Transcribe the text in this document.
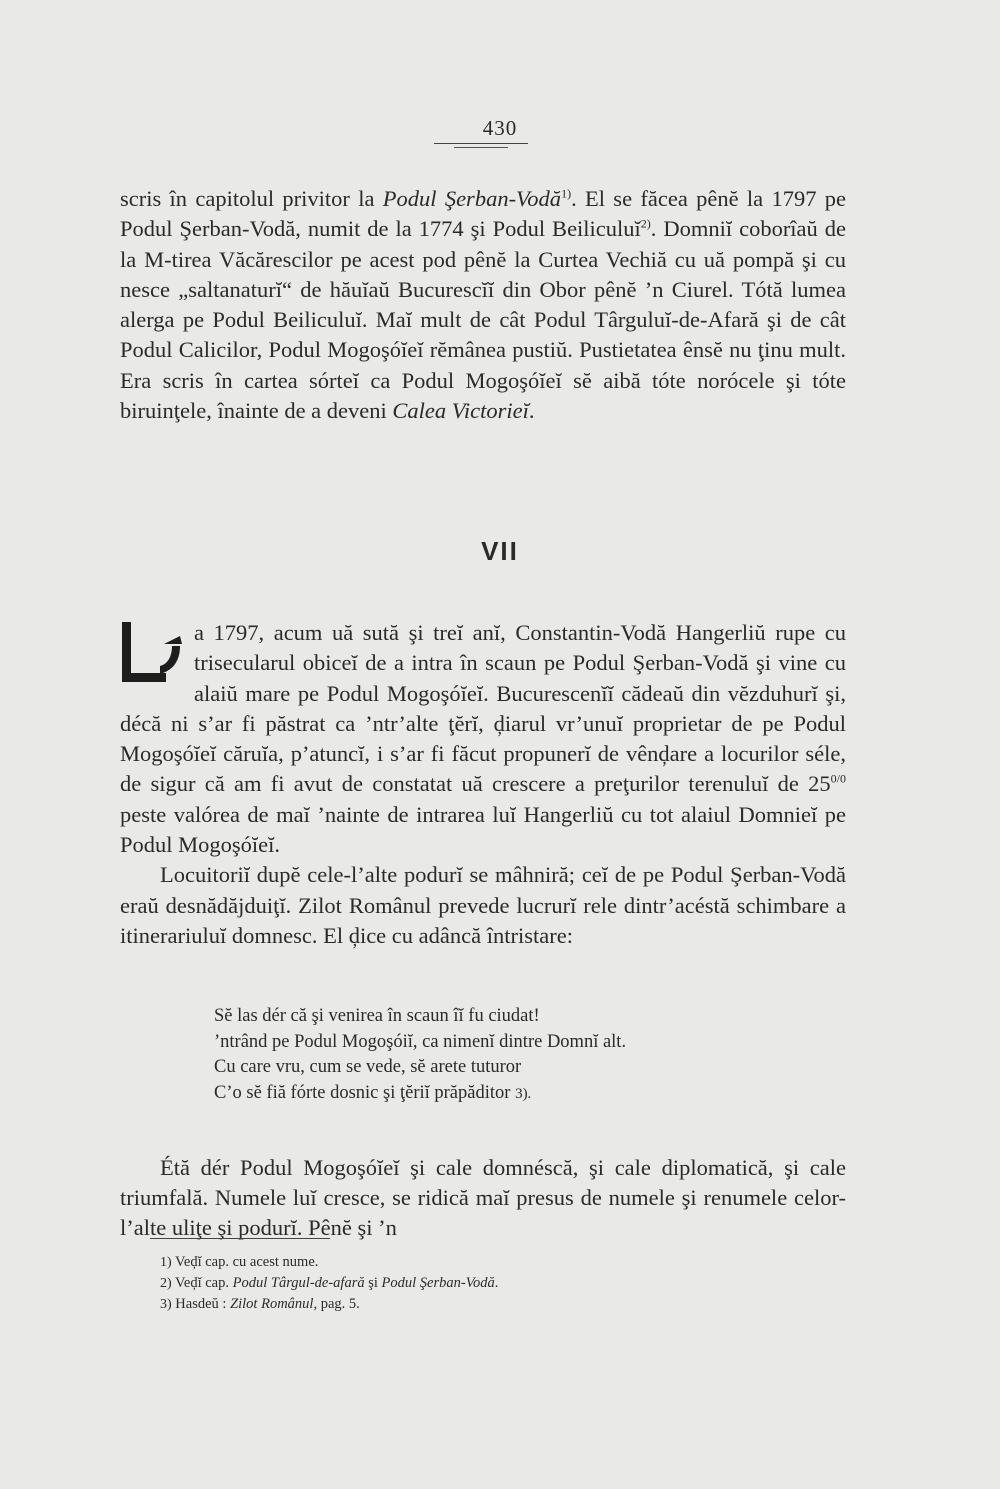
430

scris în capitolul privitor la Podul Şerban-Vodă$^{1)}$. El se făcea pênĕ la 1797 pe Podul Şerban-Vodă, numit de la 1774 şi Podul Beiliculuĭ$^{2)}$. Domniĭ coborîaŭ de la M-tirea Văcărescilor pe acest pod pênĕ la Curtea Vechiă cu uă pompă şi cu nesce „saltanaturĭ“ de hăuĭaŭ Bucurescĭĭ din Obor pênĕ ’n Ciurel. Tótă lumea alerga pe Podul Beiliculuĭ. Maĭ mult de cât Podul Târguluĭ-de-Afară şi de cât Podul Calicilor, Podul Mogoşóĭeĭ rĕmânea pustiŭ. Pustietatea ênsĕ nu ţinu mult. Era scris în cartea sórteĭ ca Podul Mogoşóĭeĭ sĕ aibă tóte norócele şi tóte biruinţele, înainte de a deveni Calea Victorieĭ.

VII

a 1797, acum uă sută şi treĭ anĭ, Constantin-Vodă Hangerliŭ rupe cu trisecularul obiceĭ de a intra în scaun pe Podul Şerban-Vodă şi vine cu alaiŭ mare pe Podul Mogoşóĭeĭ. Bucurescenĭĭ cădeaŭ din vĕzduhurĭ şi, décă ni s’ar fi păstrat ca ’ntr’alte ţĕrĭ, ḑiarul vr’unuĭ proprietar de pe Podul Mogoşóĭeĭ căruĭa, p’atuncĭ, i s’ar fi făcut propunerĭ de vênḑare a locurilor séle, de sigur că am fi avut de constatat uă crescere a preţurilor terenuluĭ de $25^{0/0}$ peste valórea de maĭ ’nainte de intrarea luĭ Hangerliŭ cu tot alaiul Domnieĭ pe Podul Mogoşóĭeĭ.

Locuitoriĭ dupĕ cele-l’alte podurĭ se mâhniră; ceĭ de pe Podul Şerban-Vodă eraŭ desnădăjduiţĭ. Zilot Românul prevede lucrurĭ rele dintr’acéstă schimbare a itinerariuluĭ domnesc. El ḑice cu adâncă întristare:

Sĕ las dér că şi venirea în scaun îĭ fu ciudat!
’ntrând pe Podul Mogoşóiĭ, ca nimenĭ dintre Domnĭ alt.
Cu care vru, cum se vede, sĕ arete tuturor
C’o sĕ fiă fórte dosnic şi ţĕriĭ prăpăditor 3).

Étă dér Podul Mogoşóĭeĭ şi cale domnéscă, şi cale diplomatică, şi cale triumfală. Numele luĭ cresce, se ridică maĭ presus de numele şi renumele celor-l’alte uliţe şi podurĭ. Pênĕ şi ’n

1) Veḑĭ cap. cu acest nume.
2) Veḑĭ cap. Podul Târgul-de-afară şi Podul Şerban-Vodă.
3) Hasdeŭ : Zilot Românul, pag. 5.
